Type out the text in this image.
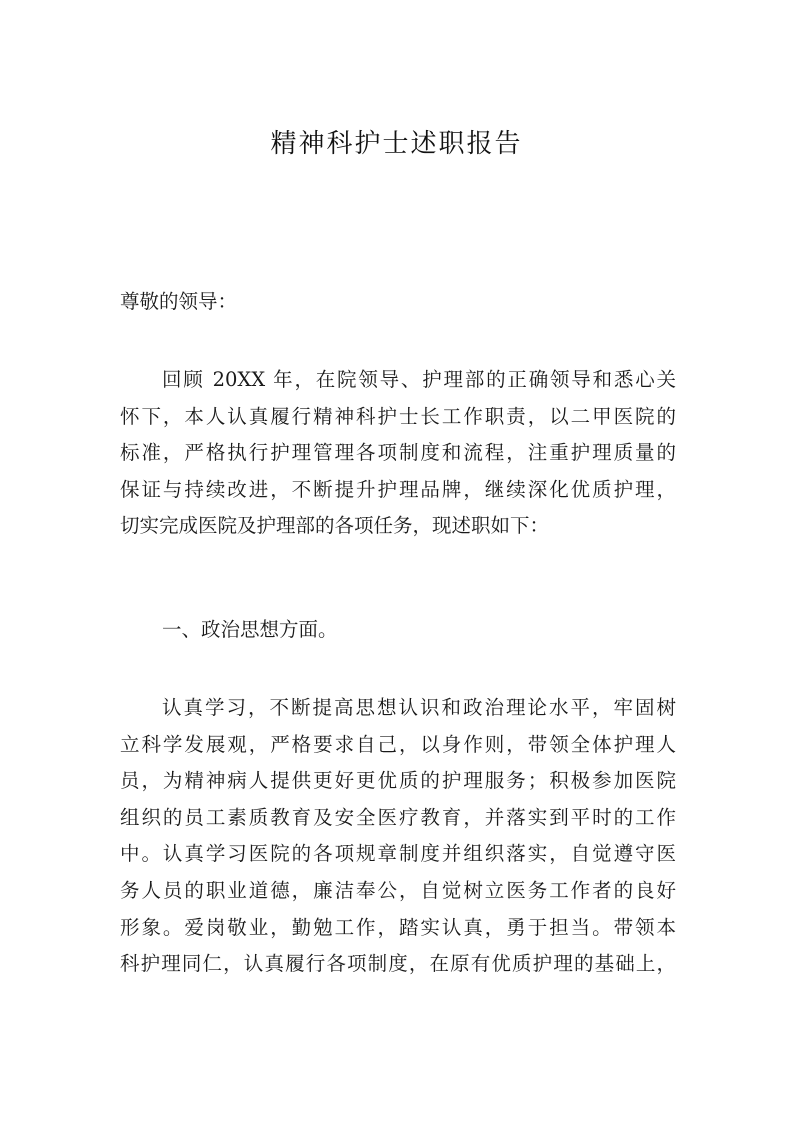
精神科护士述职报告
尊敬的领导：
回顾 20XX 年，在院领导、护理部的正确领导和悉心关
怀下，本人认真履行精神科护士长工作职责，以二甲医院的
标准，严格执行护理管理各项制度和流程，注重护理质量的
保证与持续改进，不断提升护理品牌，继续深化优质护理，
切实完成医院及护理部的各项任务，现述职如下：
一、政治思想方面。
认真学习，不断提高思想认识和政治理论水平，牢固树
立科学发展观，严格要求自己，以身作则，带领全体护理人
员，为精神病人提供更好更优质的护理服务；积极参加医院
组织的员工素质教育及安全医疗教育，并落实到平时的工作
中。认真学习医院的各项规章制度并组织落实，自觉遵守医
务人员的职业道德，廉洁奉公，自觉树立医务工作者的良好
形象。爱岗敬业，勤勉工作，踏实认真，勇于担当。带领本
科护理同仁，认真履行各项制度，在原有优质护理的基础上，
